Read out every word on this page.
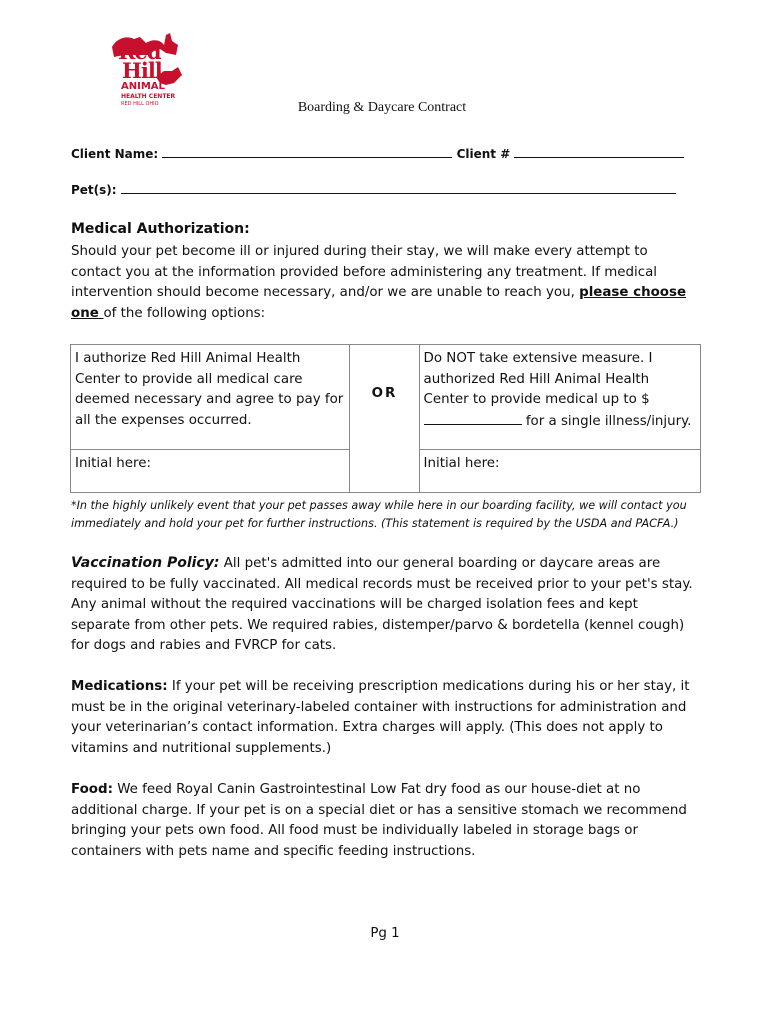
Red
Hill
ANIMAL
HEALTH CENTER
RED HILL OHIO	Boarding & Daycare Contract
Client Name:	Client #
Pet(s):
Medical Authorization:
Should your pet become ill or injured during their stay, we will make every attempt to contact you at the information provided before administering any treatment. If medical intervention should become necessary, and/or we are unable to reach you, please choose one of the following options:
I authorize Red Hill Animal Health Center to provide all medical care deemed necessary and agree to pay for all the expenses occurred.	OR	Do NOT take extensive measure. I authorized Red Hill Animal Health Center to provide medical up to $ for a single illness/injury.
Initial here:		Initial here:
*In the highly unlikely event that your pet passes away while here in our boarding facility, we will contact you immediately and hold your pet for further instructions. (This statement is required by the USDA and PACFA.)
Vaccination Policy: All pet's admitted into our general boarding or daycare areas are required to be fully vaccinated. All medical records must be received prior to your pet's stay. Any animal without the required vaccinations will be charged isolation fees and kept separate from other pets. We required rabies, distemper/parvo & bordetella (kennel cough) for dogs and rabies and FVRCP for cats.
Medications: If your pet will be receiving prescription medications during his or her stay, it must be in the original veterinary-labeled container with instructions for administration and your veterinarian’s contact information. Extra charges will apply. (This does not apply to vitamins and nutritional supplements.)
Food: We feed Royal Canin Gastrointestinal Low Fat dry food as our house-diet at no additional charge. If your pet is on a special diet or has a sensitive stomach we recommend bringing your pets own food. All food must be individually labeled in storage bags or containers with pets name and specific feeding instructions.
Pg 1
